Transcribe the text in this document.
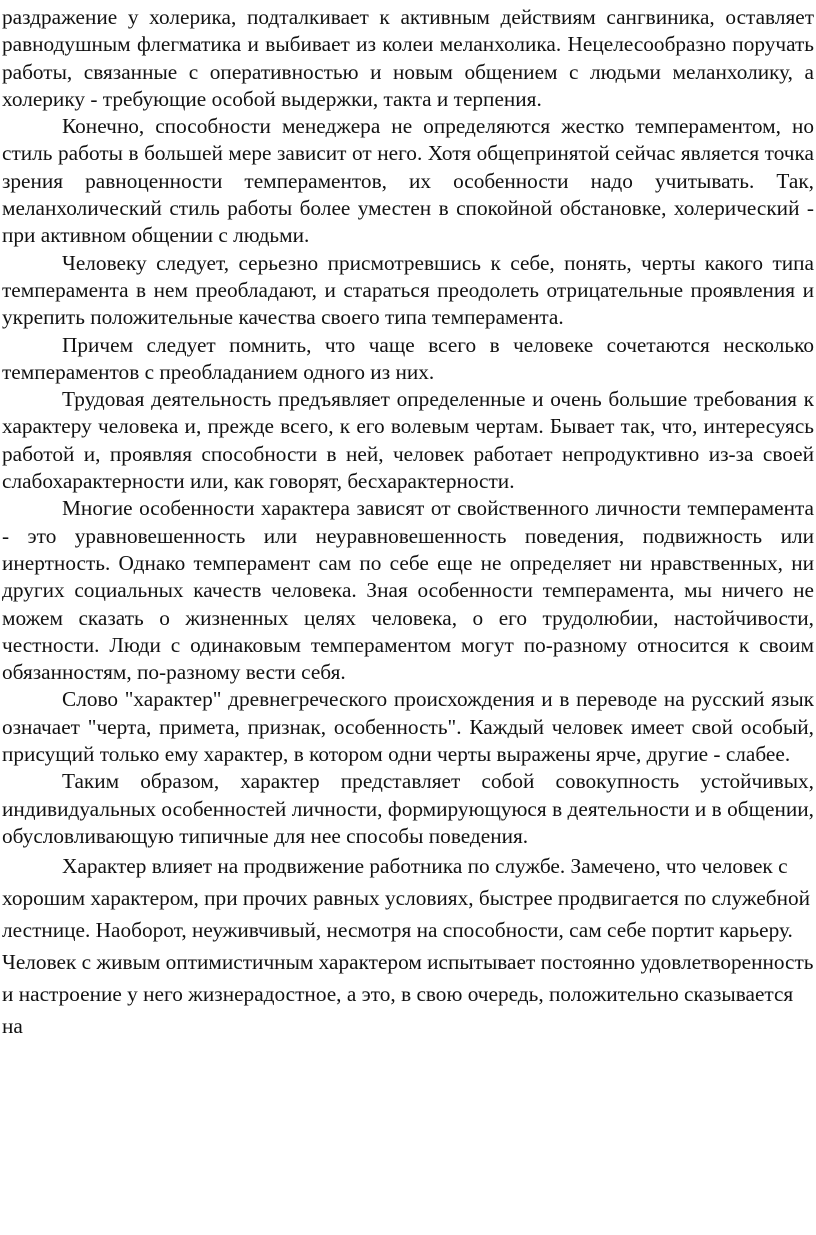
раздражение у холерика, подталкивает к активным действиям сангвиника, оставляет равнодушным флегматика и выбивает из колеи меланхолика. Нецелесообразно поручать работы, связанные с оперативностью и новым общением с людьми меланхолику, а холерику - требующие особой выдержки, такта и терпения.

Конечно, способности менеджера не определяются жестко темпераментом, но стиль работы в большей мере зависит от него. Хотя общепринятой сейчас является точка зрения равноценности темпераментов, их особенности надо учитывать. Так, меланхолический стиль работы более уместен в спокойной обстановке, холерический - при активном общении с людьми.

Человеку следует, серьезно присмотревшись к себе, понять, черты какого типа темперамента в нем преобладают, и стараться преодолеть отрицательные проявления и укрепить положительные качества своего типа темперамента.

Причем следует помнить, что чаще всего в человеке сочетаются несколько темпераментов с преобладанием одного из них.

Трудовая деятельность предъявляет определенные и очень большие требования к характеру человека и, прежде всего, к его волевым чертам. Бывает так, что, интересуясь работой и, проявляя способности в ней, человек работает непродуктивно из-за своей слабохарактерности или, как говорят, бесхарактерности.

Многие особенности характера зависят от свойственного личности темперамента - это уравновешенность или неуравновешенность поведения, подвижность или инертность. Однако темперамент сам по себе еще не определяет ни нравственных, ни других социальных качеств человека. Зная особенности темперамента, мы ничего не можем сказать о жизненных целях человека, о его трудолюбии, настойчивости, честности. Люди с одинаковым темпераментом могут по-разному относится к своим обязанностям, по-разному вести себя.

Слово "характер" древнегреческого происхождения и в переводе на русский язык означает "черта, примета, признак, особенность". Каждый человек имеет свой особый, присущий только ему характер, в котором одни черты выражены ярче, другие - слабее.

Таким образом, характер представляет собой совокупность устойчивых, индивидуальных особенностей личности, формирующуюся в деятельности и в общении, обусловливающую типичные для нее способы поведения.

Характер влияет на продвижение работника по службе. Замечено, что человек с хорошим характером, при прочих равных условиях, быстрее продвигается по служебной лестнице. Наоборот, неуживчивый, несмотря на способности, сам себе портит карьеру. Человек с живым оптимистичным характером испытывает постоянно удовлетворенность и настроение у него жизнерадостное, а это, в свою очередь, положительно сказывается на
